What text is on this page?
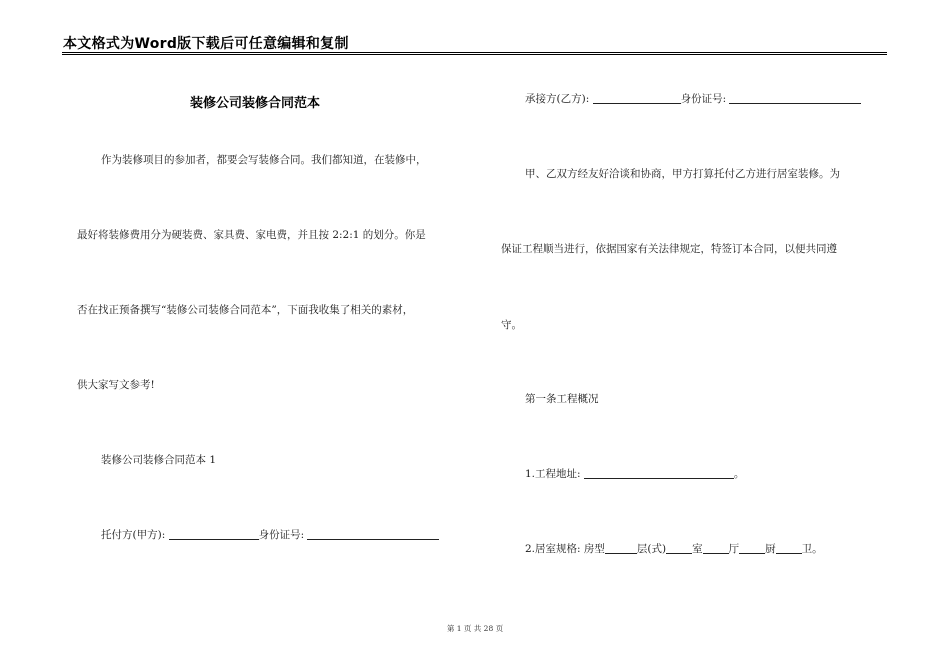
本文格式为Word版下载后可任意编辑和复制
装修公司装修合同范本
作为装修项目的参加者，都要会写装修合同。我们都知道，在装修中，
最好将装修费用分为硬装费、家具费、家电费，并且按 2:2:1 的划分。你是
否在找正预备撰写“装修公司装修合同范本”，下面我收集了相关的素材，
供大家写文参考!
装修公司装修合同范本 1
托付方(甲方):	身份证号:
承接方(乙方):	身份证号:
甲、乙双方经友好洽谈和协商，甲方打算托付乙方进行居室装修。为
保证工程顺当进行，依据国家有关法律规定，特签订本合同，以便共同遵
守。
第一条工程概况
1.工程地址:	。
2.居室规格: 房型	层(式) 室 厅 厨 卫。
第 1 页 共 28 页
